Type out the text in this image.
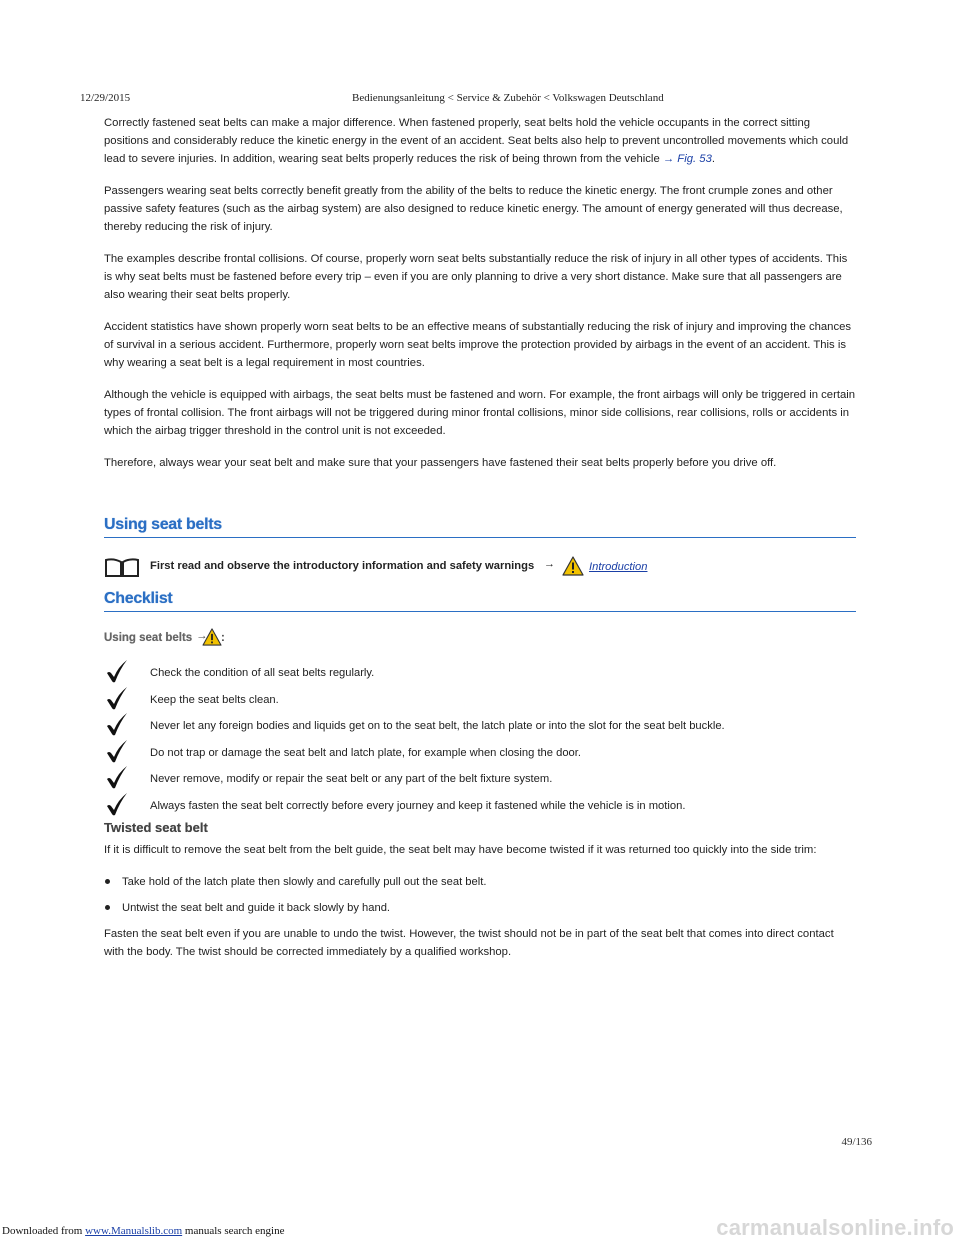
12/29/2015	Bedienungsanleitung < Service & Zubehör < Volkswagen Deutschland

Correctly fastened seat belts can make a major difference. When fastened properly, seat belts hold the vehicle occupants in the correct sitting positions and considerably reduce the kinetic energy in the event of an accident. Seat belts also help to prevent uncontrolled movements which could lead to severe injuries. In addition, wearing seat belts properly reduces the risk of being thrown from the vehicle → Fig. 53.

Passengers wearing seat belts correctly benefit greatly from the ability of the belts to reduce the kinetic energy. The front crumple zones and other passive safety features (such as the airbag system) are also designed to reduce kinetic energy. The amount of energy generated will thus decrease, thereby reducing the risk of injury.

The examples describe frontal collisions. Of course, properly worn seat belts substantially reduce the risk of injury in all other types of accidents. This is why seat belts must be fastened before every trip – even if you are only planning to drive a very short distance. Make sure that all passengers are also wearing their seat belts properly.

Accident statistics have shown properly worn seat belts to be an effective means of substantially reducing the risk of injury and improving the chances of survival in a serious accident. Furthermore, properly worn seat belts improve the protection provided by airbags in the event of an accident. This is why wearing a seat belt is a legal requirement in most countries.

Although the vehicle is equipped with airbags, the seat belts must be fastened and worn. For example, the front airbags will only be triggered in certain types of frontal collision. The front airbags will not be triggered during minor frontal collisions, minor side collisions, rear collisions, rolls or accidents in which the airbag trigger threshold in the control unit is not exceeded.

Therefore, always wear your seat belt and make sure that your passengers have fastened their seat belts properly before you drive off.

Using seat belts
First read and observe the introductory information and safety warnings →	Introduction
Checklist
Using seat belts → :
Check the condition of all seat belts regularly.
Keep the seat belts clean.
Never let any foreign bodies and liquids get on to the seat belt, the latch plate or into the slot for the seat belt buckle.
Do not trap or damage the seat belt and latch plate, for example when closing the door.
Never remove, modify or repair the seat belt or any part of the belt fixture system.
Always fasten the seat belt correctly before every journey and keep it fastened while the vehicle is in motion.
Twisted seat belt

If it is difficult to remove the seat belt from the belt guide, the seat belt may have become twisted if it was returned too quickly into the side trim:

Take hold of the latch plate then slowly and carefully pull out the seat belt.
Untwist the seat belt and guide it back slowly by hand.

Fasten the seat belt even if you are unable to undo the twist. However, the twist should not be in part of the seat belt that comes into direct contact with the body. The twist should be corrected immediately by a qualified workshop.

49/136
Downloaded from www.Manualslib.com manuals search engine	carmanualsonline.info
